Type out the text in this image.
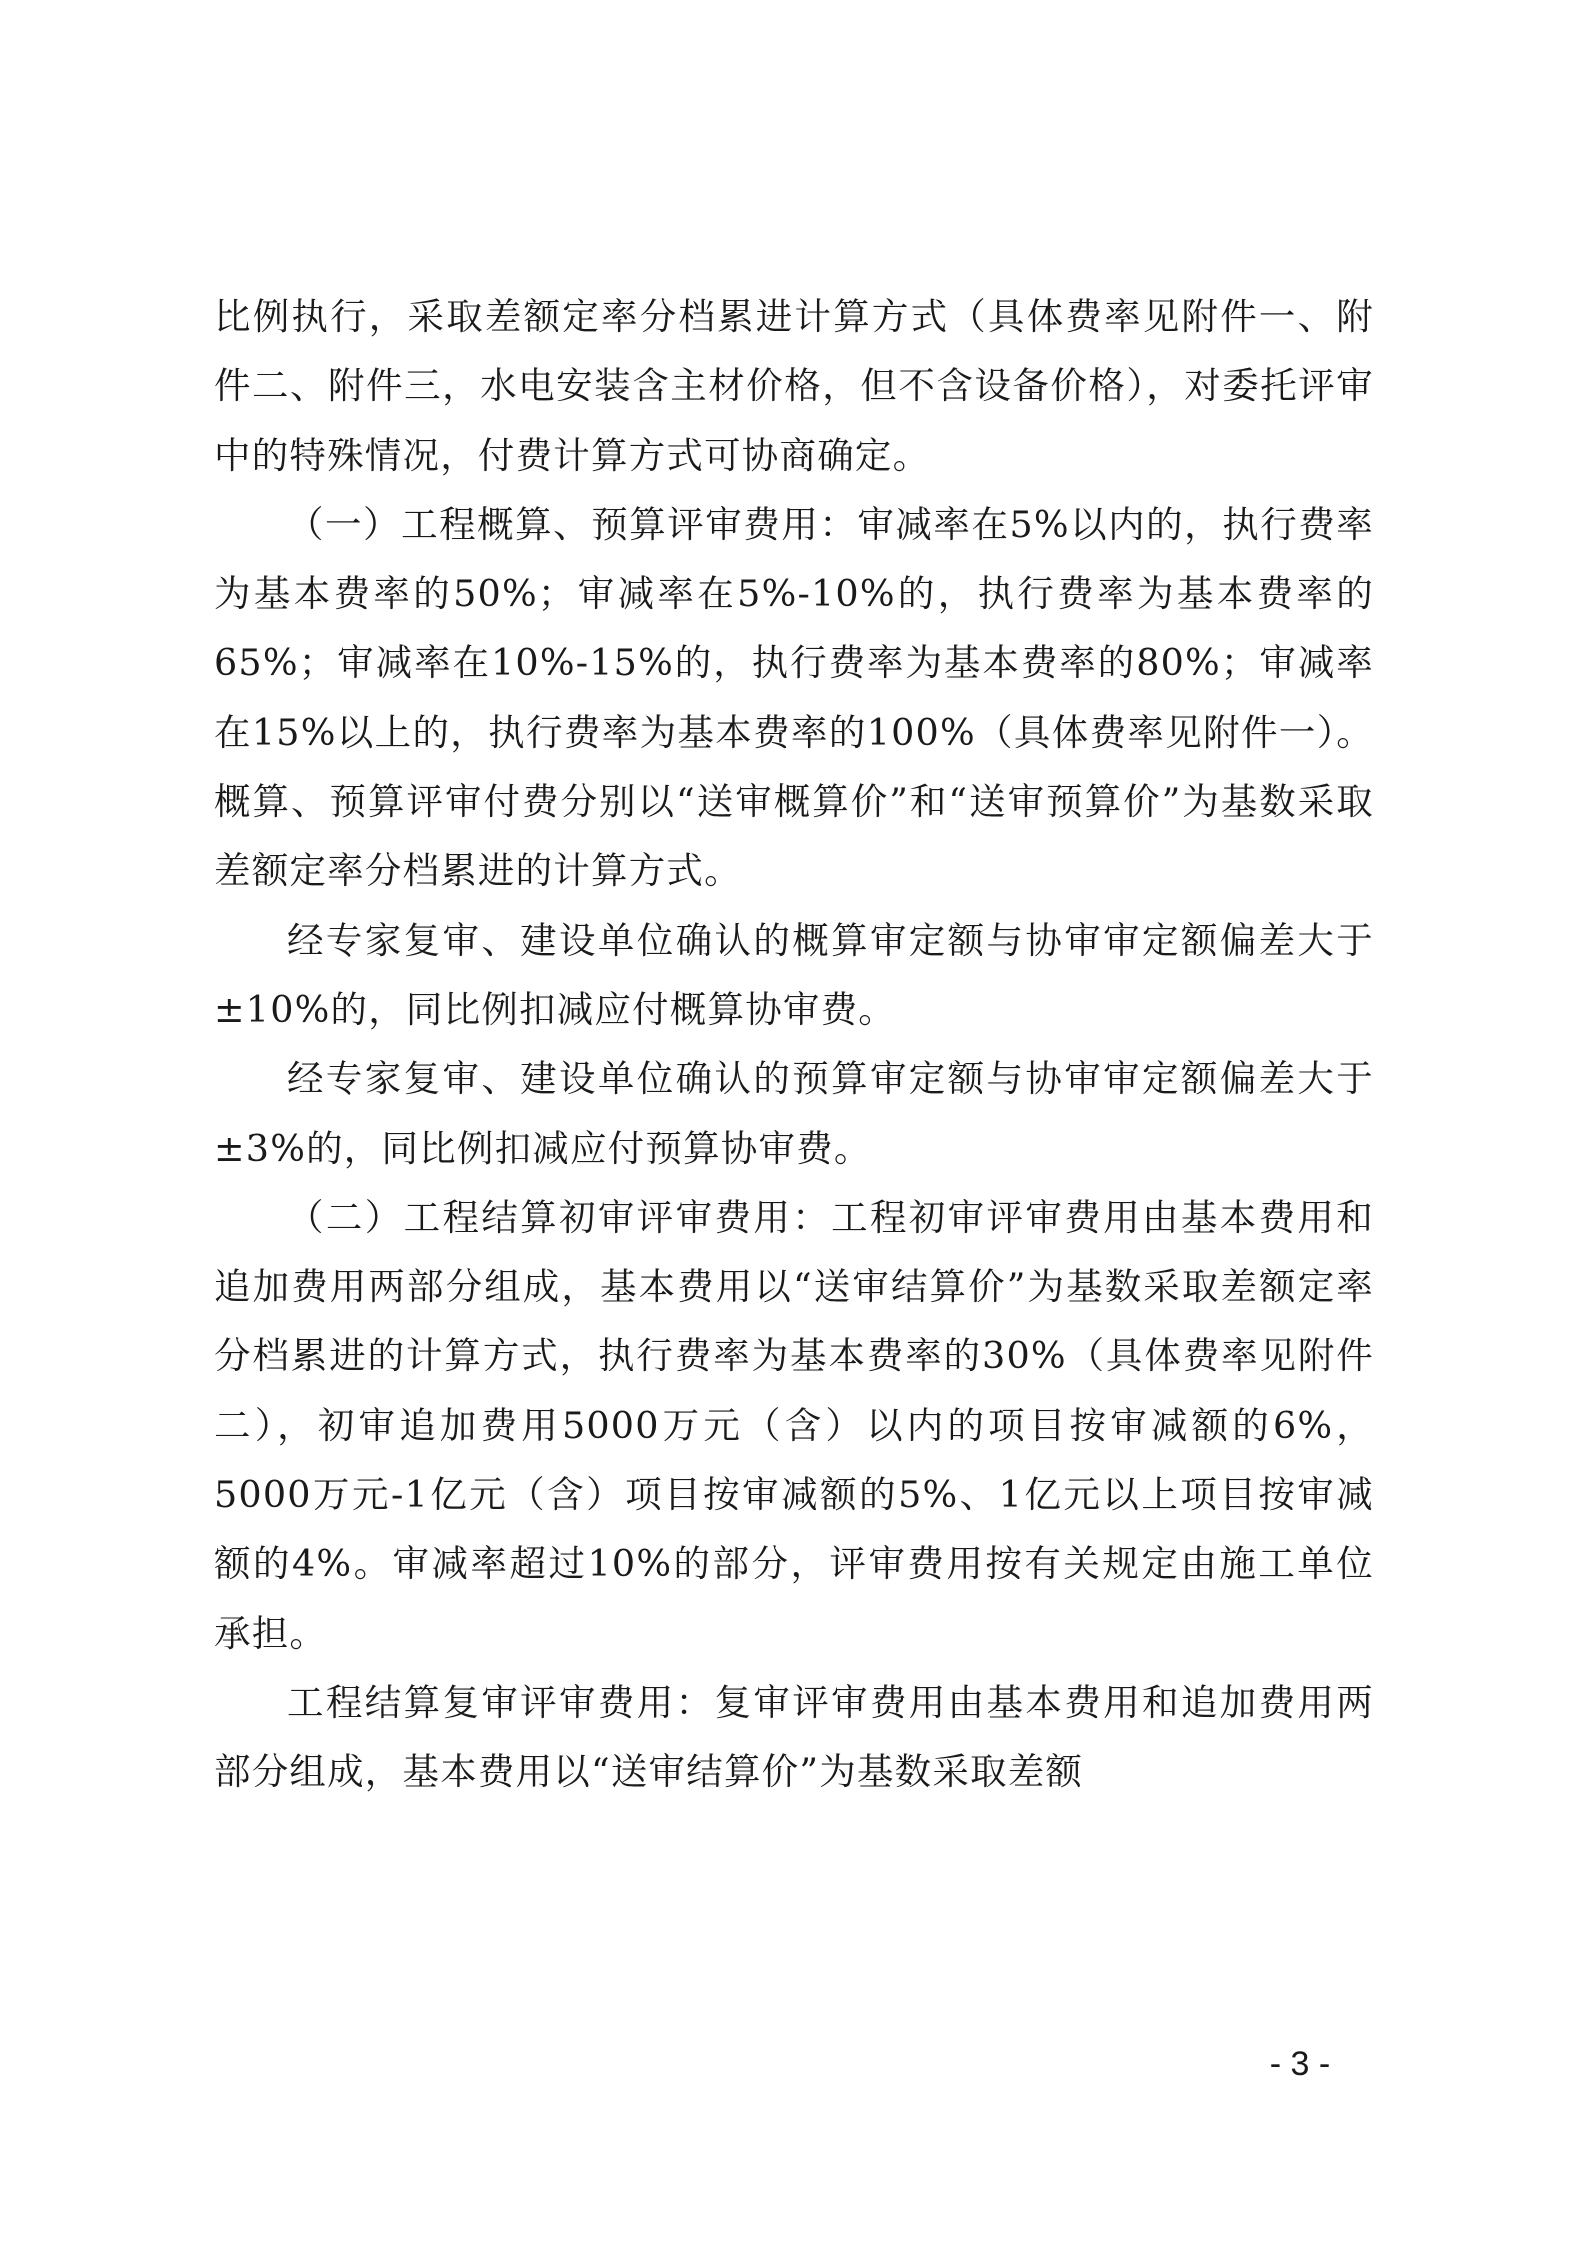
比例执行，采取差额定率分档累进计算方式（具体费率见附件一、附件二、附件三，水电安装含主材价格，但不含设备价格），对委托评审中的特殊情况，付费计算方式可协商确定。

（一）工程概算、预算评审费用：审减率在5%以内的，执行费率为基本费率的50%；审减率在5%-10%的，执行费率为基本费率的65%；审减率在10%-15%的，执行费率为基本费率的80%；审减率在15%以上的，执行费率为基本费率的100%（具体费率见附件一）。概算、预算评审付费分别以“送审概算价”和“送审预算价”为基数采取差额定率分档累进的计算方式。

经专家复审、建设单位确认的概算审定额与协审审定额偏差大于±10%的，同比例扣减应付概算协审费。

经专家复审、建设单位确认的预算审定额与协审审定额偏差大于±3%的，同比例扣减应付预算协审费。

（二）工程结算初审评审费用：工程初审评审费用由基本费用和追加费用两部分组成，基本费用以“送审结算价”为基数采取差额定率分档累进的计算方式，执行费率为基本费率的30%（具体费率见附件二），初审追加费用5000万元（含）以内的项目按审减额的6%，5000万元-1亿元（含）项目按审减额的5%、1亿元以上项目按审减额的4%。审减率超过10%的部分，评审费用按有关规定由施工单位承担。

工程结算复审评审费用：复审评审费用由基本费用和追加费用两部分组成，基本费用以“送审结算价”为基数采取差额

- 3 -
